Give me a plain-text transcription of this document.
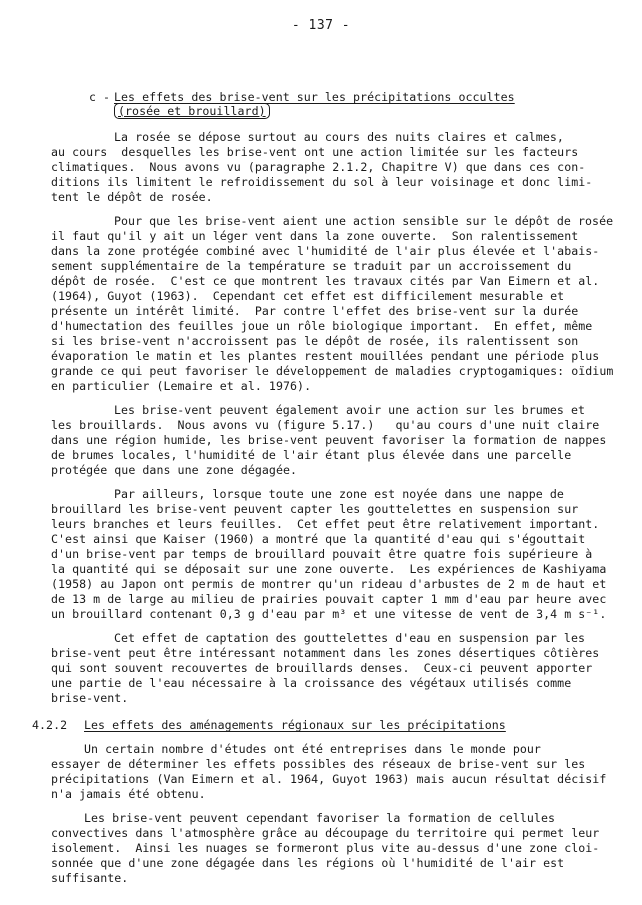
- 137 -
c - Les effets des brise-vent sur les précipitations occultes
(rosée et brouillard)
La rosée se dépose surtout au cours des nuits claires et calmes,
au cours  desquelles les brise-vent ont une action limitée sur les facteurs
climatiques.  Nous avons vu (paragraphe 2.1.2, Chapitre V) que dans ces con-
ditions ils limitent le refroidissement du sol à leur voisinage et donc limi-
tent le dépôt de rosée.
Pour que les brise-vent aient une action sensible sur le dépôt de rosée
il faut qu'il y ait un léger vent dans la zone ouverte.  Son ralentissement
dans la zone protégée combiné avec l'humidité de l'air plus élevée et l'abais-
sement supplémentaire de la température se traduit par un accroissement du
dépôt de rosée.  C'est ce que montrent les travaux cités par Van Eimern et al.
(1964), Guyot (1963).  Cependant cet effet est difficilement mesurable et
présente un intérêt limité.  Par contre l'effet des brise-vent sur la durée
d'humectation des feuilles joue un rôle biologique important.  En effet, même
si les brise-vent n'accroissent pas le dépôt de rosée, ils ralentissent son
évaporation le matin et les plantes restent mouillées pendant une période plus
grande ce qui peut favoriser le développement de maladies cryptogamiques: oïdium
en particulier (Lemaire et al. 1976).
Les brise-vent peuvent également avoir une action sur les brumes et
les brouillards.  Nous avons vu (figure 5.17.)   qu'au cours d'une nuit claire
dans une région humide, les brise-vent peuvent favoriser la formation de nappes
de brumes locales, l'humidité de l'air étant plus élevée dans une parcelle
protégée que dans une zone dégagée.
Par ailleurs, lorsque toute une zone est noyée dans une nappe de
brouillard les brise-vent peuvent capter les gouttelettes en suspension sur
leurs branches et leurs feuilles.  Cet effet peut être relativement important.
C'est ainsi que Kaiser (1960) a montré que la quantité d'eau qui s'égouttait
d'un brise-vent par temps de brouillard pouvait être quatre fois supérieure à
la quantité qui se déposait sur une zone ouverte.  Les expériences de Kashiyama
(1958) au Japon ont permis de montrer qu'un rideau d'arbustes de 2 m de haut et
de 13 m de large au milieu de prairies pouvait capter 1 mm d'eau par heure avec
un brouillard contenant 0,3 g d'eau par m³ et une vitesse de vent de 3,4 m s⁻¹.
Cet effet de captation des gouttelettes d'eau en suspension par les
brise-vent peut être intéressant notamment dans les zones désertiques côtières
qui sont souvent recouvertes de brouillards denses.  Ceux-ci peuvent apporter
une partie de l'eau nécessaire à la croissance des végétaux utilisés comme
brise-vent.
4.2.2 Les effets des aménagements régionaux sur les précipitations
Un certain nombre d'études ont été entreprises dans le monde pour
essayer de déterminer les effets possibles des réseaux de brise-vent sur les
précipitations (Van Eimern et al. 1964, Guyot 1963) mais aucun résultat décisif
n'a jamais été obtenu.
Les brise-vent peuvent cependant favoriser la formation de cellules
convectives dans l'atmosphère grâce au découpage du territoire qui permet leur
isolement.  Ainsi les nuages se formeront plus vite au-dessus d'une zone cloi-
sonnée que d'une zone dégagée dans les régions où l'humidité de l'air est
suffisante.
